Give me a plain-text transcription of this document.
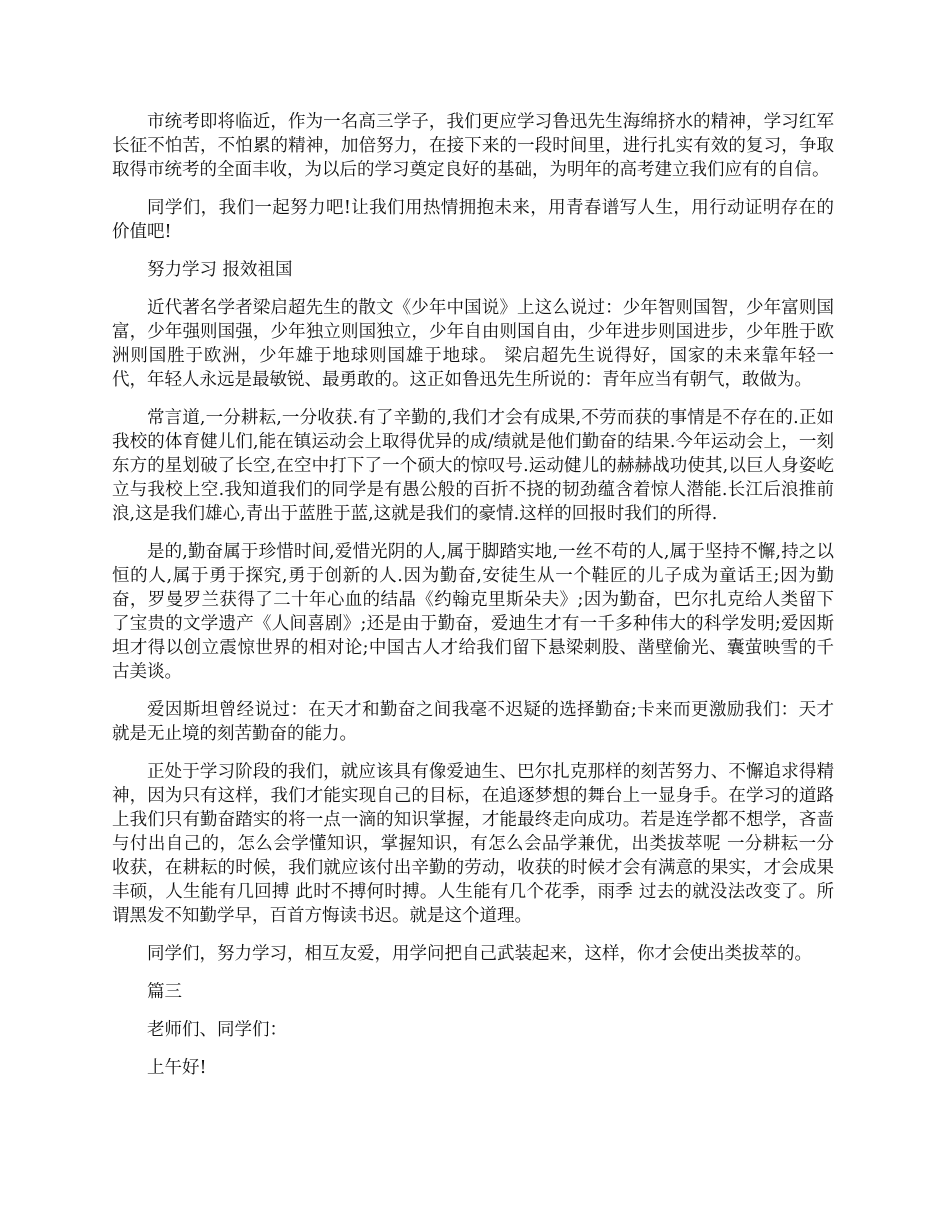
市统考即将临近，作为一名高三学子，我们更应学习鲁迅先生海绵挤水的精神，学习红军长征不怕苦，不怕累的精神，加倍努力，在接下来的一段时间里，进行扎实有效的复习，争取取得市统考的全面丰收，为以后的学习奠定良好的基础，为明年的高考建立我们应有的自信。

同学们，我们一起努力吧!让我们用热情拥抱未来，用青春谱写人生，用行动证明存在的价值吧!

努力学习 报效祖国

近代著名学者梁启超先生的散文《少年中国说》上这么说过：少年智则国智，少年富则国富，少年强则国强，少年独立则国独立，少年自由则国自由，少年进步则国进步，少年胜于欧洲则国胜于欧洲，少年雄于地球则国雄于地球。 梁启超先生说得好，国家的未来靠年轻一代，年轻人永远是最敏锐、最勇敢的。这正如鲁迅先生所说的：青年应当有朝气，敢做为。

常言道,一分耕耘,一分收获.有了辛勤的,我们才会有成果,不劳而获的事情是不存在的.正如我校的体育健儿们,能在镇运动会上取得优异的成/绩就是他们勤奋的结果.今年运动会上，一刻东方的星划破了长空,在空中打下了一个硕大的惊叹号.运动健儿的赫赫战功使其,以巨人身姿屹立与我校上空.我知道我们的同学是有愚公般的百折不挠的韧劲蕴含着惊人潜能.长江后浪推前浪,这是我们雄心,青出于蓝胜于蓝,这就是我们的豪情.这样的回报时我们的所得.

是的,勤奋属于珍惜时间,爱惜光阴的人,属于脚踏实地,一丝不苟的人,属于坚持不懈,持之以恒的人,属于勇于探究,勇于创新的人.因为勤奋,安徒生从一个鞋匠的儿子成为童话王;因为勤奋，罗曼罗兰获得了二十年心血的结晶《约翰克里斯朵夫》;因为勤奋，巴尔扎克给人类留下了宝贵的文学遗产《人间喜剧》;还是由于勤奋，爱迪生才有一千多种伟大的科学发明;爱因斯坦才得以创立震惊世界的相对论;中国古人才给我们留下悬梁刺股、凿壁偷光、囊萤映雪的千古美谈。

爱因斯坦曾经说过：在天才和勤奋之间我毫不迟疑的选择勤奋;卡来而更激励我们：天才就是无止境的刻苦勤奋的能力。

正处于学习阶段的我们，就应该具有像爱迪生、巴尔扎克那样的刻苦努力、不懈追求得精神，因为只有这样，我们才能实现自己的目标，在追逐梦想的舞台上一显身手。在学习的道路上我们只有勤奋踏实的将一点一滴的知识掌握，才能最终走向成功。若是连学都不想学，吝啬与付出自己的，怎么会学懂知识，掌握知识，有怎么会品学兼优，出类拔萃呢 一分耕耘一分收获，在耕耘的时候，我们就应该付出辛勤的劳动，收获的时候才会有满意的果实，才会成果丰硕，人生能有几回搏 此时不搏何时搏。人生能有几个花季，雨季 过去的就没法改变了。所谓黑发不知勤学早，百首方悔读书迟。就是这个道理。

同学们，努力学习，相互友爱，用学问把自己武装起来，这样，你才会使出类拔萃的。

篇三

老师们、同学们：

上午好!
